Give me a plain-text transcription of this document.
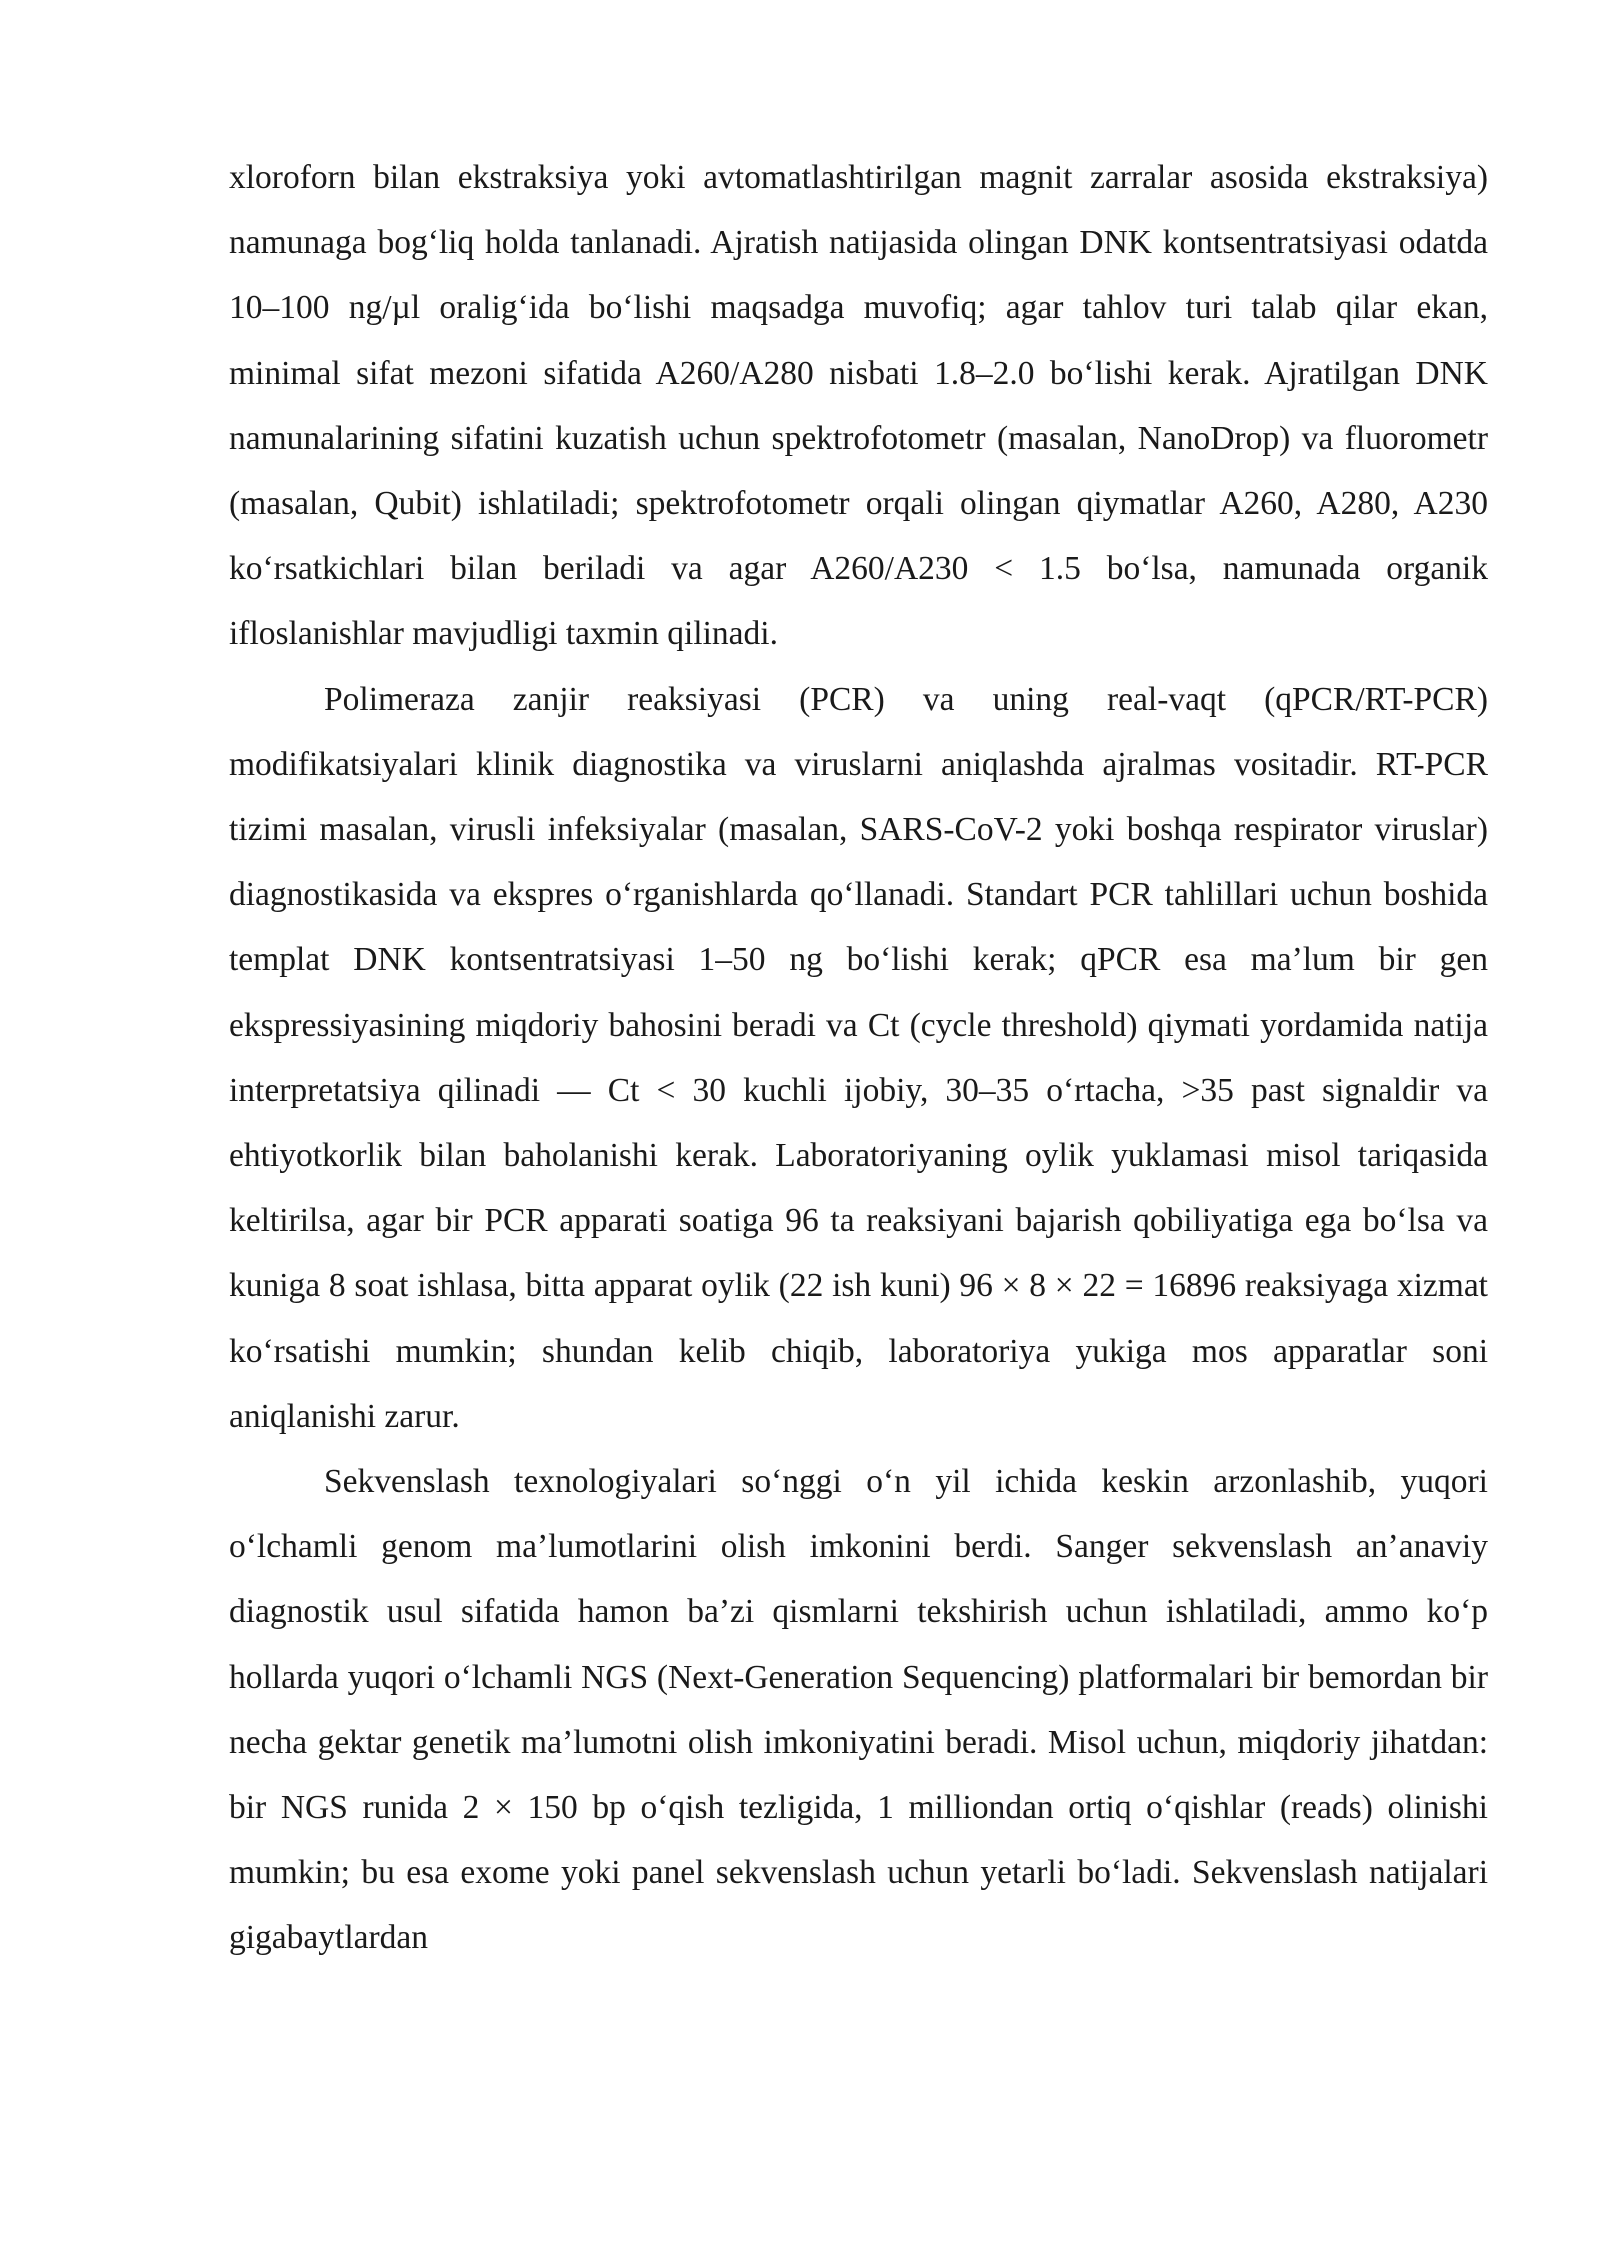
xloroforn bilan ekstraksiya yoki avtomatlashtirilgan magnit zarralar asosida ekstraksiya) namunaga bog‘liq holda tanlanadi. Ajratish natijasida olingan DNK kontsentratsiyasi odatda 10–100 ng/µl oralig‘ida bo‘lishi maqsadga muvofiq; agar tahlov turi talab qilar ekan, minimal sifat mezoni sifatida A260/A280 nisbati 1.8–2.0 bo‘lishi kerak. Ajratilgan DNK namunalarining sifatini kuzatish uchun spektrofotometr (masalan, NanoDrop) va fluorometr (masalan, Qubit) ishlatiladi; spektrofotometr orqali olingan qiymatlar A260, A280, A230 ko‘rsatkichlari bilan beriladi va agar A260/A230 < 1.5 bo‘lsa, namunada organik ifloslanishlar mavjudligi taxmin qilinadi.

Polimeraza zanjir reaksiyasi (PCR) va uning real-vaqt (qPCR/RT-PCR) modifikatsiyalari klinik diagnostika va viruslarni aniqlashda ajralmas vositadir. RT-PCR tizimi masalan, virusli infeksiyalar (masalan, SARS-CoV-2 yoki boshqa respirator viruslar) diagnostikasida va ekspres o‘rganishlarda qo‘llanadi. Standart PCR tahlillari uchun boshida templat DNK kontsentratsiyasi 1–50 ng bo‘lishi kerak; qPCR esa ma’lum bir gen ekspressiyasining miqdoriy bahosini beradi va Ct (cycle threshold) qiymati yordamida natija interpretatsiya qilinadi — Ct < 30 kuchli ijobiy, 30–35 o‘rtacha, >35 past signaldir va ehtiyotkorlik bilan baholanishi kerak. Laboratoriyaning oylik yuklamasi misol tariqasida keltirilsa, agar bir PCR apparati soatiga 96 ta reaksiyani bajarish qobiliyatiga ega bo‘lsa va kuniga 8 soat ishlasa, bitta apparat oylik (22 ish kuni) 96 × 8 × 22 = 16896 reaksiyaga xizmat ko‘rsatishi mumkin; shundan kelib chiqib, laboratoriya yukiga mos apparatlar soni aniqlanishi zarur.

Sekvenslash texnologiyalari so‘nggi o‘n yil ichida keskin arzonlashib, yuqori o‘lchamli genom ma’lumotlarini olish imkonini berdi. Sanger sekvenslash an’anaviy diagnostik usul sifatida hamon ba’zi qismlarni tekshirish uchun ishlatiladi, ammo ko‘p hollarda yuqori o‘lchamli NGS (Next-Generation Sequencing) platformalari bir bemordan bir necha gektar genetik ma’lumotni olish imkoniyatini beradi. Misol uchun, miqdoriy jihatdan: bir NGS runida 2 × 150 bp o‘qish tezligida, 1 milliondan ortiq o‘qishlar (reads) olinishi mumkin; bu esa exome yoki panel sekvenslash uchun yetarli bo‘ladi. Sekvenslash natijalari gigabaytlardan
